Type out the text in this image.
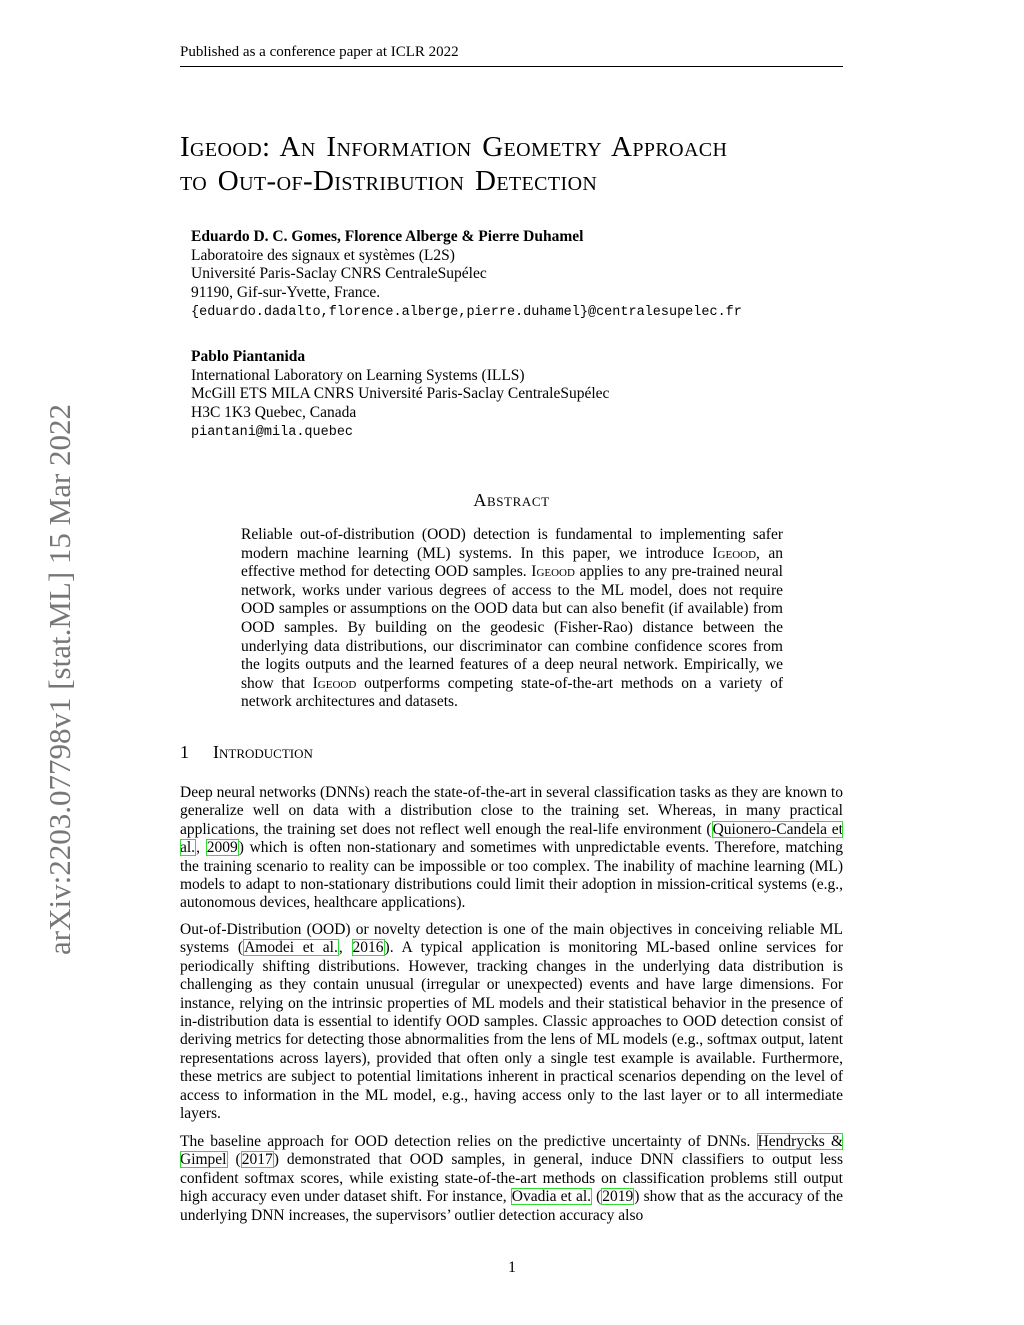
Published as a conference paper at ICLR 2022
arXiv:2203.07798v1 [stat.ML] 15 Mar 2022
Igeood: An Information Geometry Approach
to Out-of-Distribution Detection
Eduardo D. C. Gomes, Florence Alberge & Pierre Duhamel
Laboratoire des signaux et systèmes (L2S)
Université Paris-Saclay CNRS CentraleSupélec
91190, Gif-sur-Yvette, France.
{eduardo.dadalto,florence.alberge,pierre.duhamel}@centralesupelec.fr
Pablo Piantanida
International Laboratory on Learning Systems (ILLS)
McGill ETS MILA CNRS Université Paris-Saclay CentraleSupélec
H3C 1K3 Quebec, Canada
piantani@mila.quebec
Abstract
Reliable out-of-distribution (OOD) detection is fundamental to implementing safer modern machine learning (ML) systems. In this paper, we introduce Igeood, an effective method for detecting OOD samples. Igeood applies to any pre-trained neural network, works under various degrees of access to the ML model, does not require OOD samples or assumptions on the OOD data but can also benefit (if available) from OOD samples. By building on the geodesic (Fisher-Rao) distance between the underlying data distributions, our discriminator can combine confidence scores from the logits outputs and the learned features of a deep neural network. Empirically, we show that Igeood outperforms competing state-of-the-art methods on a variety of network architectures and datasets.
1 Introduction
Deep neural networks (DNNs) reach the state-of-the-art in several classification tasks as they are known to generalize well on data with a distribution close to the training set. Whereas, in many practical applications, the training set does not reflect well enough the real-life environment (Quionero-Candela et al., 2009) which is often non-stationary and sometimes with unpredictable events. Therefore, matching the training scenario to reality can be impossible or too complex. The inability of machine learning (ML) models to adapt to non-stationary distributions could limit their adoption in mission-critical systems (e.g., autonomous devices, healthcare applications).
Out-of-Distribution (OOD) or novelty detection is one of the main objectives in conceiving reliable ML systems (Amodei et al., 2016). A typical application is monitoring ML-based online services for periodically shifting distributions. However, tracking changes in the underlying data distribution is challenging as they contain unusual (irregular or unexpected) events and have large dimensions. For instance, relying on the intrinsic properties of ML models and their statistical behavior in the presence of in-distribution data is essential to identify OOD samples. Classic approaches to OOD detection consist of deriving metrics for detecting those abnormalities from the lens of ML models (e.g., softmax output, latent representations across layers), provided that often only a single test example is available. Furthermore, these metrics are subject to potential limitations inherent in practical scenarios depending on the level of access to information in the ML model, e.g., having access only to the last layer or to all intermediate layers.
The baseline approach for OOD detection relies on the predictive uncertainty of DNNs. Hendrycks & Gimpel (2017) demonstrated that OOD samples, in general, induce DNN classifiers to output less confident softmax scores, while existing state-of-the-art methods on classification problems still output high accuracy even under dataset shift. For instance, Ovadia et al. (2019) show that as the accuracy of the underlying DNN increases, the supervisors’ outlier detection accuracy also
1
